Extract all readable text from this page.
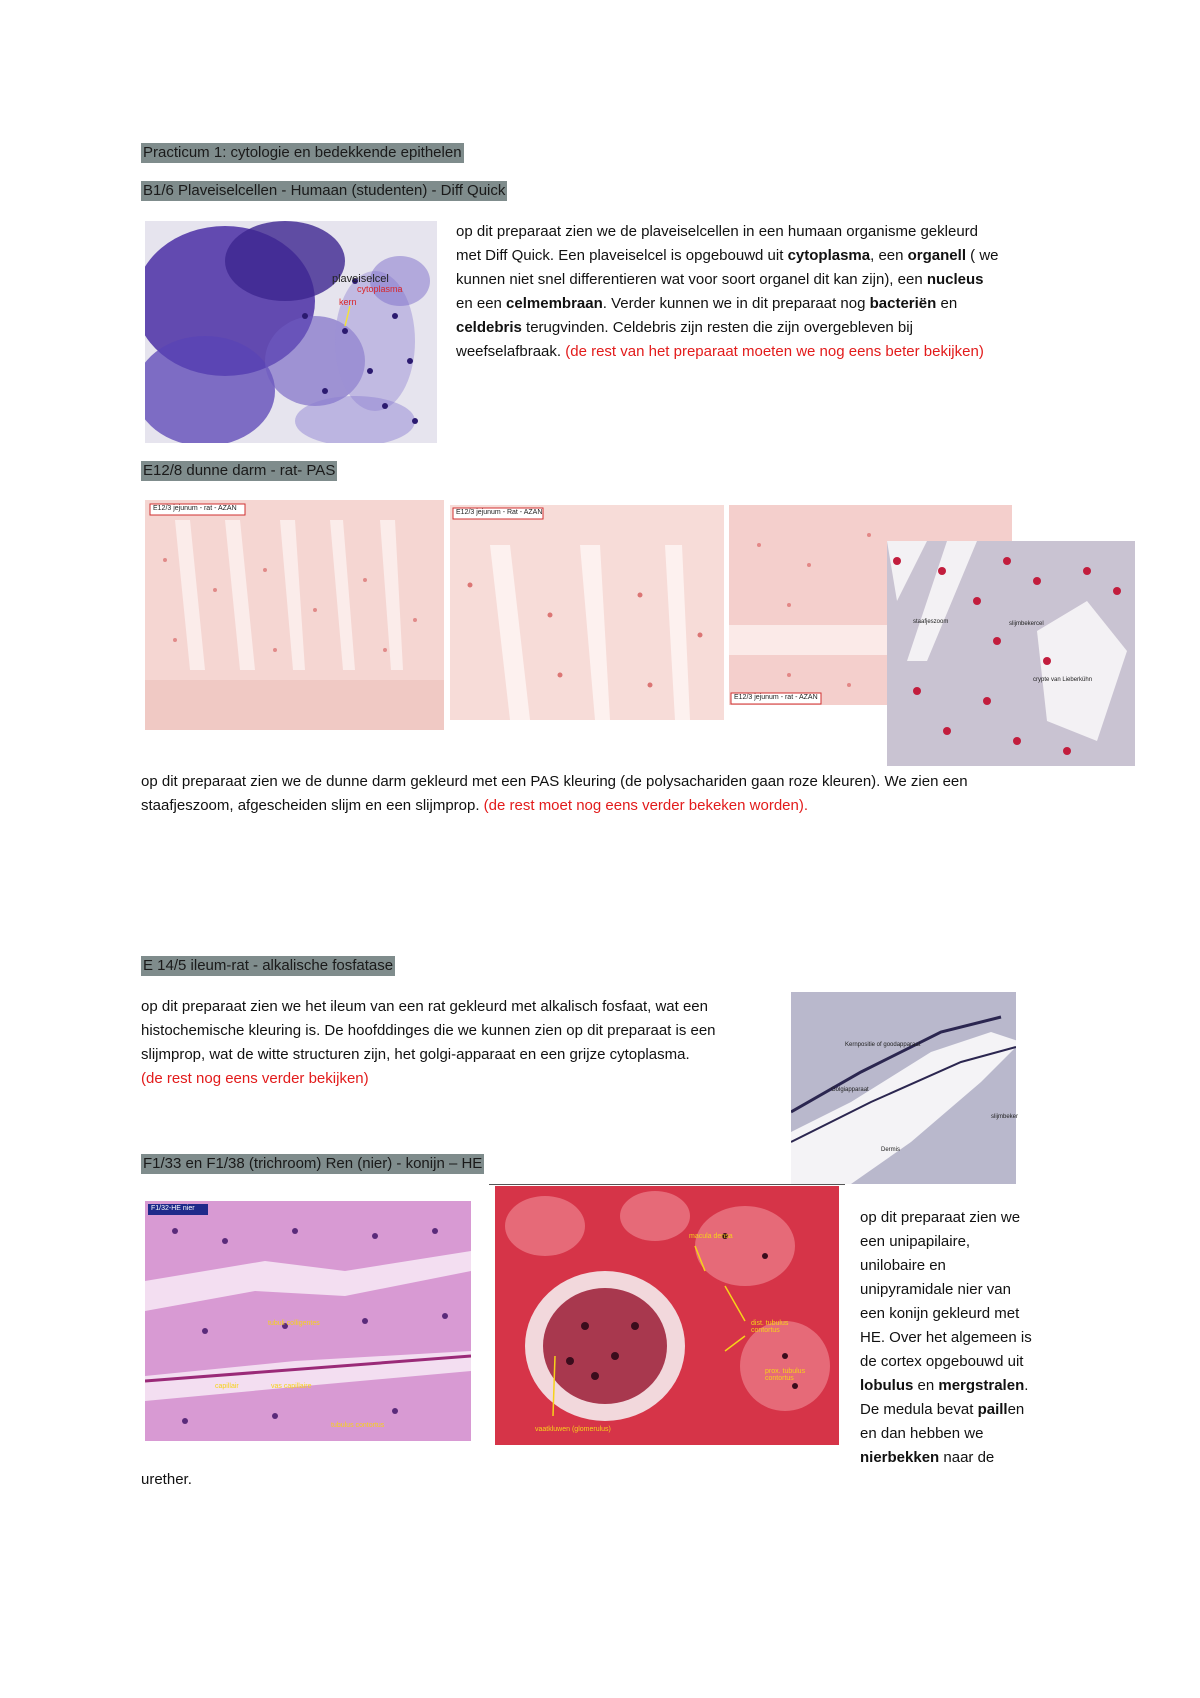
Practicum 1: cytologie en bedekkende epithelen
B1/6 Plaveiselcellen - Humaan (studenten) - Diff Quick
plaveiselcel
cytoplasma
kern
op dit preparaat zien we de plaveiselcellen in een humaan organisme gekleurd
met Diff Quick. Een plaveiselcel is opgebouwd uit cytoplasma, een organell ( we
kunnen niet snel differentieren wat voor soort organel dit kan zijn), een nucleus
en een celmembraan. Verder kunnen we in dit preparaat nog bacteriën en
celdebris terugvinden. Celdebris zijn resten die zijn overgebleven bij
weefselafbraak. (de rest van het preparaat moeten we nog eens beter bekijken)
E12/8 dunne darm - rat- PAS
E12/3 jejunum - rat - AZAN
E12/3 jejunum - Rat - AZAN
E12/3 jejunum - rat - AZAN
staafjeszoom	slijmbekercel
crypte van Lieberkühn
op dit preparaat zien we de dunne darm gekleurd met een PAS kleuring (de polysachariden gaan roze kleuren). We zien een
staafjeszoom, afgescheiden slijm en een slijmprop. (de rest moet nog eens verder bekeken worden).
E 14/5 ileum-rat - alkalische fosfatase
op dit preparaat zien we het ileum van een rat gekleurd met alkalisch fosfaat, wat een
histochemische kleuring is. De hoofddinges die we kunnen zien op dit preparaat is een
slijmprop, wat de witte structuren zijn, het golgi-apparaat en een grijze cytoplasma.
(de rest nog eens verder bekijken)
Kernpositie of goodapparaat
Golgiapparaat
slijmbeker
Dermis
F1/33 en F1/38 (trichroom) Ren (nier) - konijn – HE
F1/32-HE nier
tubuli colligentes
capillair	vas capillaire
tubulus contortus
macula densa
dist. tubulus contortus
prox. tubulus contortus
vaatkluwen (glomerulus)
op dit preparaat zien we
een unipapilaire,
unilobaire en
unipyramidale nier van
een konijn gekleurd met
HE. Over het algemeen is
de cortex opgebouwd uit
lobulus en mergstralen.
De medula bevat paillen
en dan hebben we
nierbekken naar de
urether.
